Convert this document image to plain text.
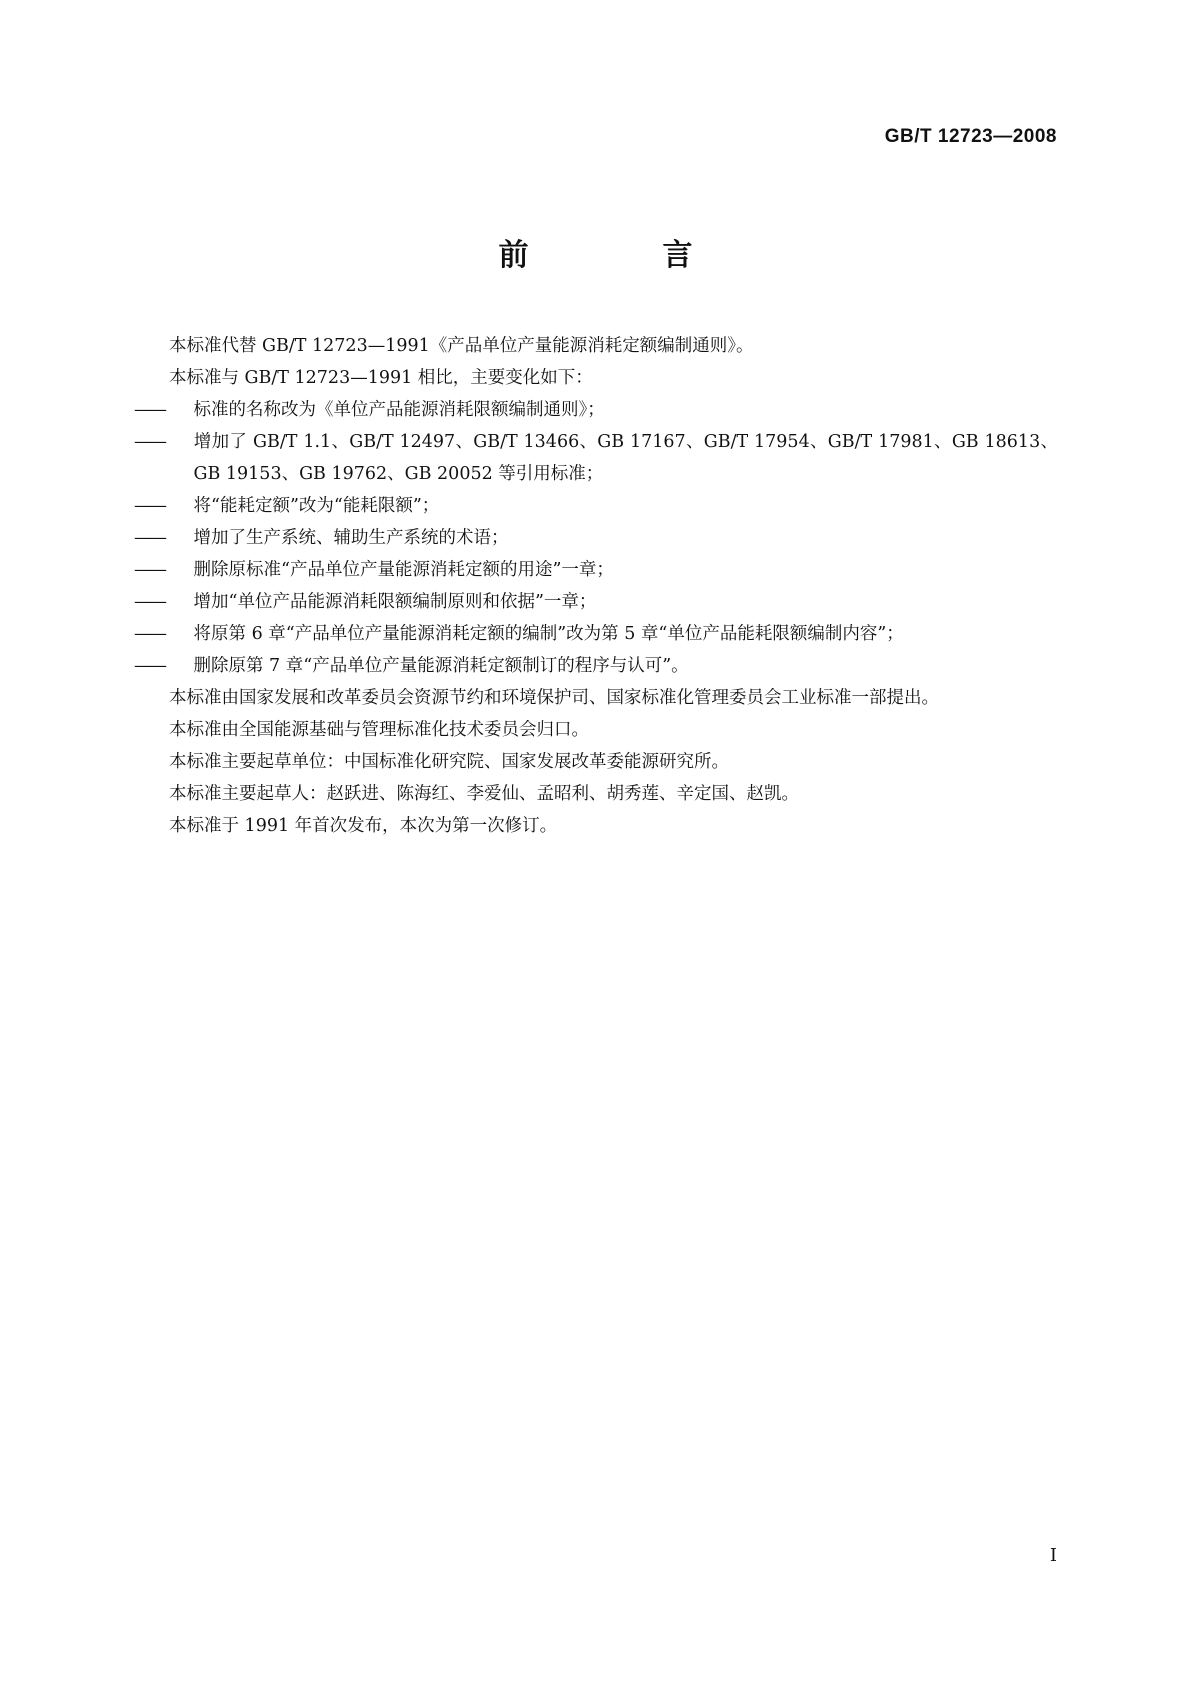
GB/T 12723—2008
前　言

本标准代替 GB/T 12723—1991《产品单位产量能源消耗定额编制通则》。

本标准与 GB/T 12723—1991 相比，主要变化如下：

—— 标准的名称改为《单位产品能源消耗限额编制通则》；

—— 增加了 GB/T 1.1、GB/T 12497、GB/T 13466、GB 17167、GB/T 17954、GB/T 17981、GB 18613、GB 19153、GB 19762、GB 20052 等引用标准；

—— 将“能耗定额”改为“能耗限额”；

—— 增加了生产系统、辅助生产系统的术语；

—— 删除原标准“产品单位产量能源消耗定额的用途”一章；

—— 增加“单位产品能源消耗限额编制原则和依据”一章；

—— 将原第 6 章“产品单位产量能源消耗定额的编制”改为第 5 章“单位产品能耗限额编制内容”；

—— 删除原第 7 章“产品单位产量能源消耗定额制订的程序与认可”。

本标准由国家发展和改革委员会资源节约和环境保护司、国家标准化管理委员会工业标准一部提出。

本标准由全国能源基础与管理标准化技术委员会归口。

本标准主要起草单位：中国标准化研究院、国家发展改革委能源研究所。

本标准主要起草人：赵跃进、陈海红、李爱仙、孟昭利、胡秀莲、辛定国、赵凯。

本标准于 1991 年首次发布，本次为第一次修订。

I
